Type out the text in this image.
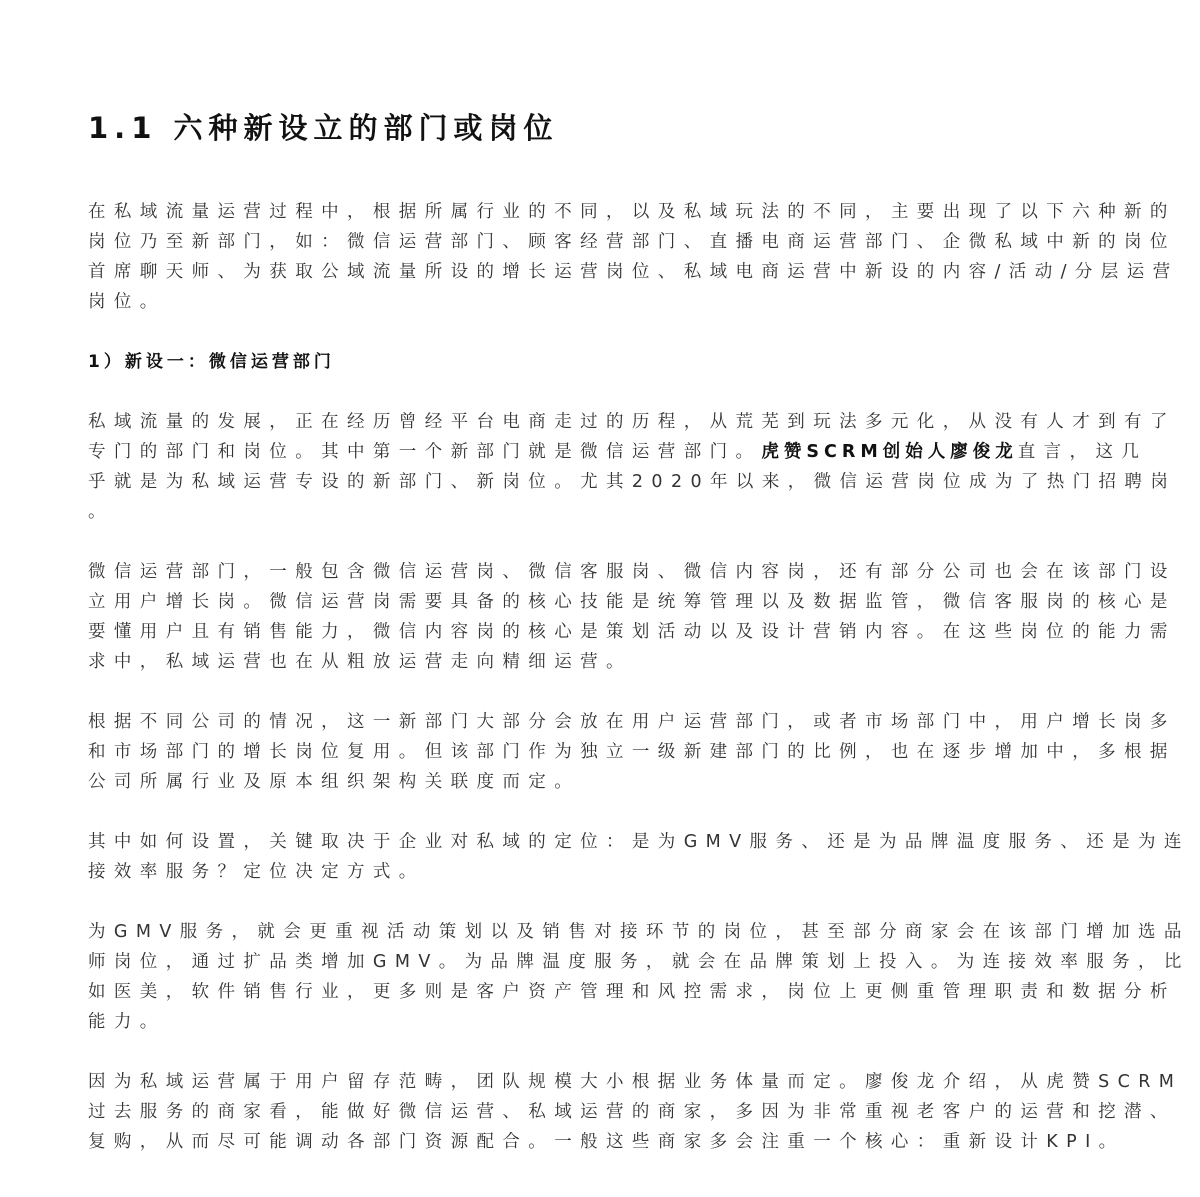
1.1 六种新设立的部门或岗位
在私域流量运营过程中，根据所属行业的不同，以及私域玩法的不同，主要出现了以下六种新的
岗位乃至新部门，如：微信运营部门、顾客经营部门、直播电商运营部门、企微私域中新的岗位
首席聊天师、为获取公域流量所设的增长运营岗位、私域电商运营中新设的内容/活动/分层运营
岗位。
1）新设一：微信运营部门
私域流量的发展，正在经历曾经平台电商走过的历程，从荒芜到玩法多元化，从没有人才到有了
专门的部门和岗位。其中第一个新部门就是微信运营部门。虎赞SCRM创始人廖俊龙直言，这几
乎就是为私域运营专设的新部门、新岗位。尤其2020年以来，微信运营岗位成为了热门招聘岗
。
微信运营部门，一般包含微信运营岗、微信客服岗、微信内容岗，还有部分公司也会在该部门设
立用户增长岗。微信运营岗需要具备的核心技能是统筹管理以及数据监管，微信客服岗的核心是
要懂用户且有销售能力，微信内容岗的核心是策划活动以及设计营销内容。在这些岗位的能力需
求中，私域运营也在从粗放运营走向精细运营。
根据不同公司的情况，这一新部门大部分会放在用户运营部门，或者市场部门中，用户增长岗多
和市场部门的增长岗位复用。但该部门作为独立一级新建部门的比例，也在逐步增加中，多根据
公司所属行业及原本组织架构关联度而定。
其中如何设置，关键取决于企业对私域的定位：是为GMV服务、还是为品牌温度服务、还是为连
接效率服务？定位决定方式。
为GMV服务，就会更重视活动策划以及销售对接环节的岗位，甚至部分商家会在该部门增加选品
师岗位，通过扩品类增加GMV。为品牌温度服务，就会在品牌策划上投入。为连接效率服务，比
如医美，软件销售行业，更多则是客户资产管理和风控需求，岗位上更侧重管理职责和数据分析
能力。
因为私域运营属于用户留存范畴，团队规模大小根据业务体量而定。廖俊龙介绍，从虎赞SCRM
过去服务的商家看，能做好微信运营、私域运营的商家，多因为非常重视老客户的运营和挖潜、
复购，从而尽可能调动各部门资源配合。一般这些商家多会注重一个核心：重新设计KPI。
